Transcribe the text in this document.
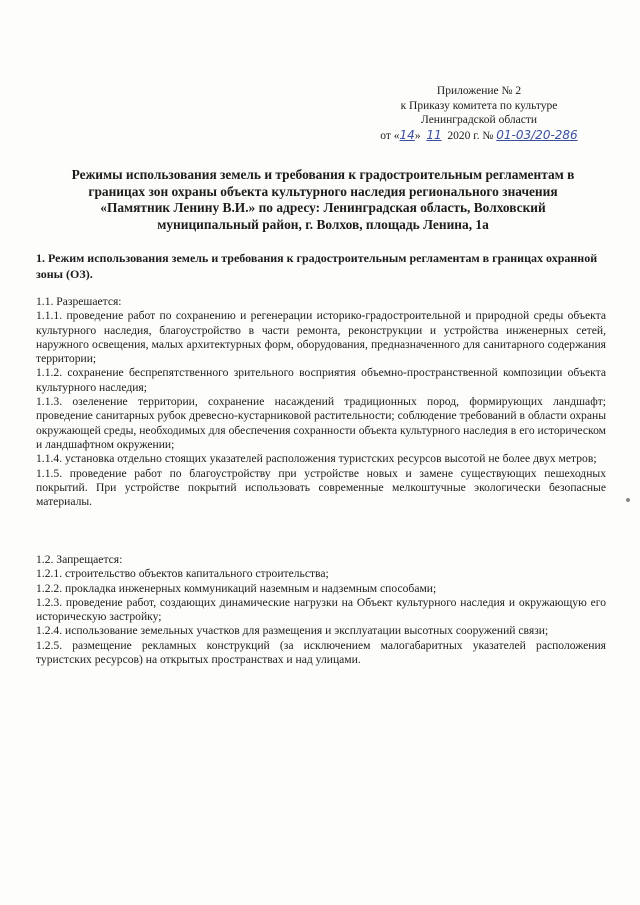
Приложение № 2
к Приказу комитета по культуре
Ленинградской области
от «14» 11 2020 г. № 01-03/20-286
Режимы использования земель и требования к градостроительным регламентам в границах зон охраны объекта культурного наследия регионального значения «Памятник Ленину В.И.» по адресу: Ленинградская область, Волховский муниципальный район, г. Волхов, площадь Ленина, 1а
1. Режим использования земель и требования к градостроительным регламентам в границах охранной зоны (ОЗ).

1.1. Разрешается:

1.1.1. проведение работ по сохранению и регенерации историко-градостроительной и природной среды объекта культурного наследия, благоустройство в части ремонта, реконструкции и устройства инженерных сетей, наружного освещения, малых архитектурных форм, оборудования, предназначенного для санитарного содержания территории;

1.1.2. сохранение беспрепятственного зрительного восприятия объемно-пространственной композиции объекта культурного наследия;

1.1.3. озеленение территории, сохранение насаждений традиционных пород, формирующих ландшафт; проведение санитарных рубок древесно-кустарниковой растительности; соблюдение требований в области охраны окружающей среды, необходимых для обеспечения сохранности объекта культурного наследия в его историческом и ландшафтном окружении;

1.1.4. установка отдельно стоящих указателей расположения туристских ресурсов высотой не более двух метров;

1.1.5. проведение работ по благоустройству при устройстве новых и замене существующих пешеходных покрытий. При устройстве покрытий использовать современные мелкоштучные экологически безопасные материалы.

1.2. Запрещается:

1.2.1. строительство объектов капитального строительства;

1.2.2. прокладка инженерных коммуникаций наземным и надземным способами;

1.2.3. проведение работ, создающих динамические нагрузки на Объект культурного наследия и окружающую его историческую застройку;

1.2.4. использование земельных участков для размещения и эксплуатации высотных сооружений связи;

1.2.5. размещение рекламных конструкций (за исключением малогабаритных указателей расположения туристских ресурсов) на открытых пространствах и над улицами.
